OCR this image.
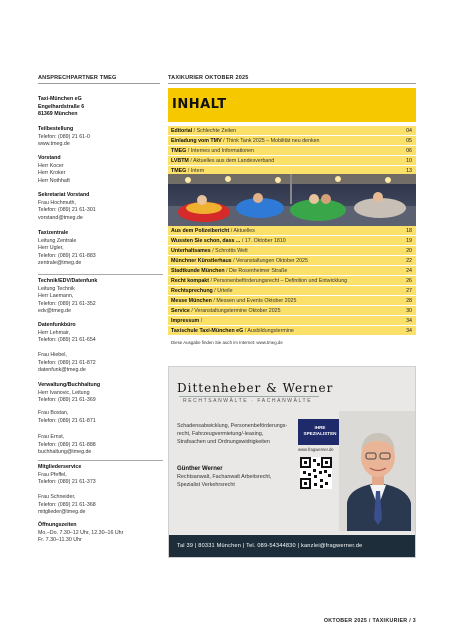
ANSPRECHPARTNER TMEG	TAXIKURIER OKTOBER 2025

Taxi-München eG

Engelhardstraße 6

81369 München

Teilbestellung

Telefon: (089) 21 61-0

www.tmeg.de

Vorstand

Herr Kocer

Herr Kroker

Herr Nothhaft

Sekretariat Vorstand

Frau Hochmuth,

Telefon: (089) 21 61-301

vorstand@tmeg.de

Taxizentrale

Leitung Zentrale

Herr Ugler,

Telefon: (089) 21 61-883

zentrale@tmeg.de

Technik/EDV/Datenfunk

Leitung Technik

Herr Laemann,

Telefon: (089) 21 61-352

edv@tmeg.de

Datenfunkbüro

Herr Lehmair,

Telefon: (089) 21 61-654

Frau Hiebel,

Telefon: (089) 21 61-872

datenfunk@tmeg.de

Verwaltung/Buchhaltung

Herr Ivanovic, Leitung

Telefon: (089) 21 61-369

Frau Bostan,

Telefon: (089) 21 61-871

Frau Ernst,

Telefon: (089) 21 61-888

buchhaltung@tmeg.de

Mitgliederservice

Frau Pfeffel,

Telefon: (089) 21 61-373

Frau Schneider,

Telefon: (089) 21 61-368

mitglieder@tmeg.de

Öffnungszeiten

Mo.–Do. 7.30–12 Uhr, 12.30–16 Uhr

Fr. 7.30–11.30 Uhr

INHALT
Editorial / Schlechte Zeiten	04
Einladung vom TMV / Think Tank 2025 – Mobilität neu denken	05
TMEG / Internes und Informationen	06
LVBTM / Aktuelles aus dem Landesverband	10
TMEG / Intern	13
Aus dem Polizeibericht / Aktuelles	18
Wussten Sie schon, dass ... / 17. Oktober 1810	19
Unterhaltsames / Schrottis Welt	20
Münchner Künstlerhaus / Veranstaltungen Oktober 2025	22
Stadtkunde München / Die Rosenheimer Straße	24
Recht kompakt / Personenbeförderungsrecht – Definition und Entwicklung	26
Rechtsprechung / Urteile	27
Messe München / Messen und Events Oktober 2025	28
Service / Veranstaltungstermine Oktober 2025	30
Impressum /	34
Taxischule Taxi-München eG / Ausbildungstermine	34
Diese Ausgabe finden Sie auch im Internet: www.tmeg.de
Dittenheber & Werner
RECHTSANWÄLTE · FACHANWÄLTE

Schadensabwicklung, Personenbeförderungs-

recht, Fahrzeugvermietung/-leasing,

Strafsachen und Ordnungswidrigkeiten

Günther Werner

Rechtsanwalt, Fachanwalt Arbeitsrecht,

Spezialist Verkehrsrecht

IHRE

SPEZIALISTEN

www.fragwerner.de
Tal 39 | 80331 München | Tel. 089-54344830 | kanzlei@fragwerner.de
OKTOBER 2025 / TAXIKURIER / 3
